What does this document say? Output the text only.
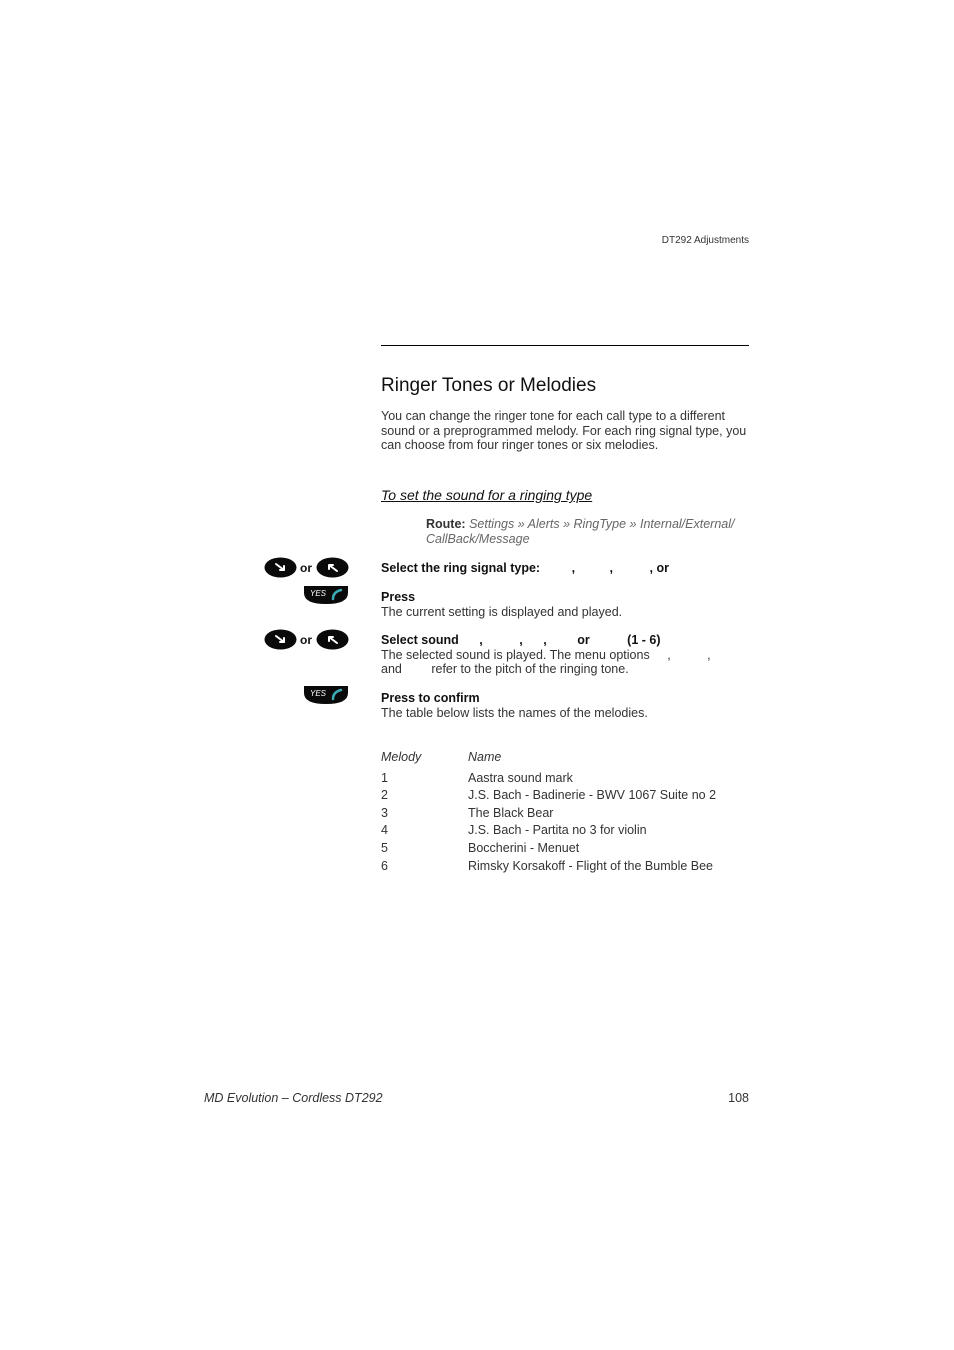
DT292 Adjustments
Ringer Tones or Melodies
You can change the ringer tone for each call type to a different sound or a preprogrammed melody. For each ring signal type, you can choose from four ringer tones or six melodies.
To set the sound for a ringing type
Route: Settings » Alerts » RingType » Internal/External/ CallBack/Message
or	Select the ring signal type:	,	,	, or
YES	Press
The current setting is displayed and played.
or	Select sound ,	, , or	(1 - 6)
The selected sound is played. The menu options ,	,
and refer to the pitch of the ringing tone.
YES	Press to confirm
The table below lists the names of the melodies.
Melody	Name
1	Aastra sound mark
2	J.S. Bach - Badinerie - BWV 1067 Suite no 2
3	The Black Bear
4	J.S. Bach - Partita no 3 for violin
5	Boccherini - Menuet
6	Rimsky Korsakoff - Flight of the Bumble Bee
MD Evolution – Cordless DT292	108
